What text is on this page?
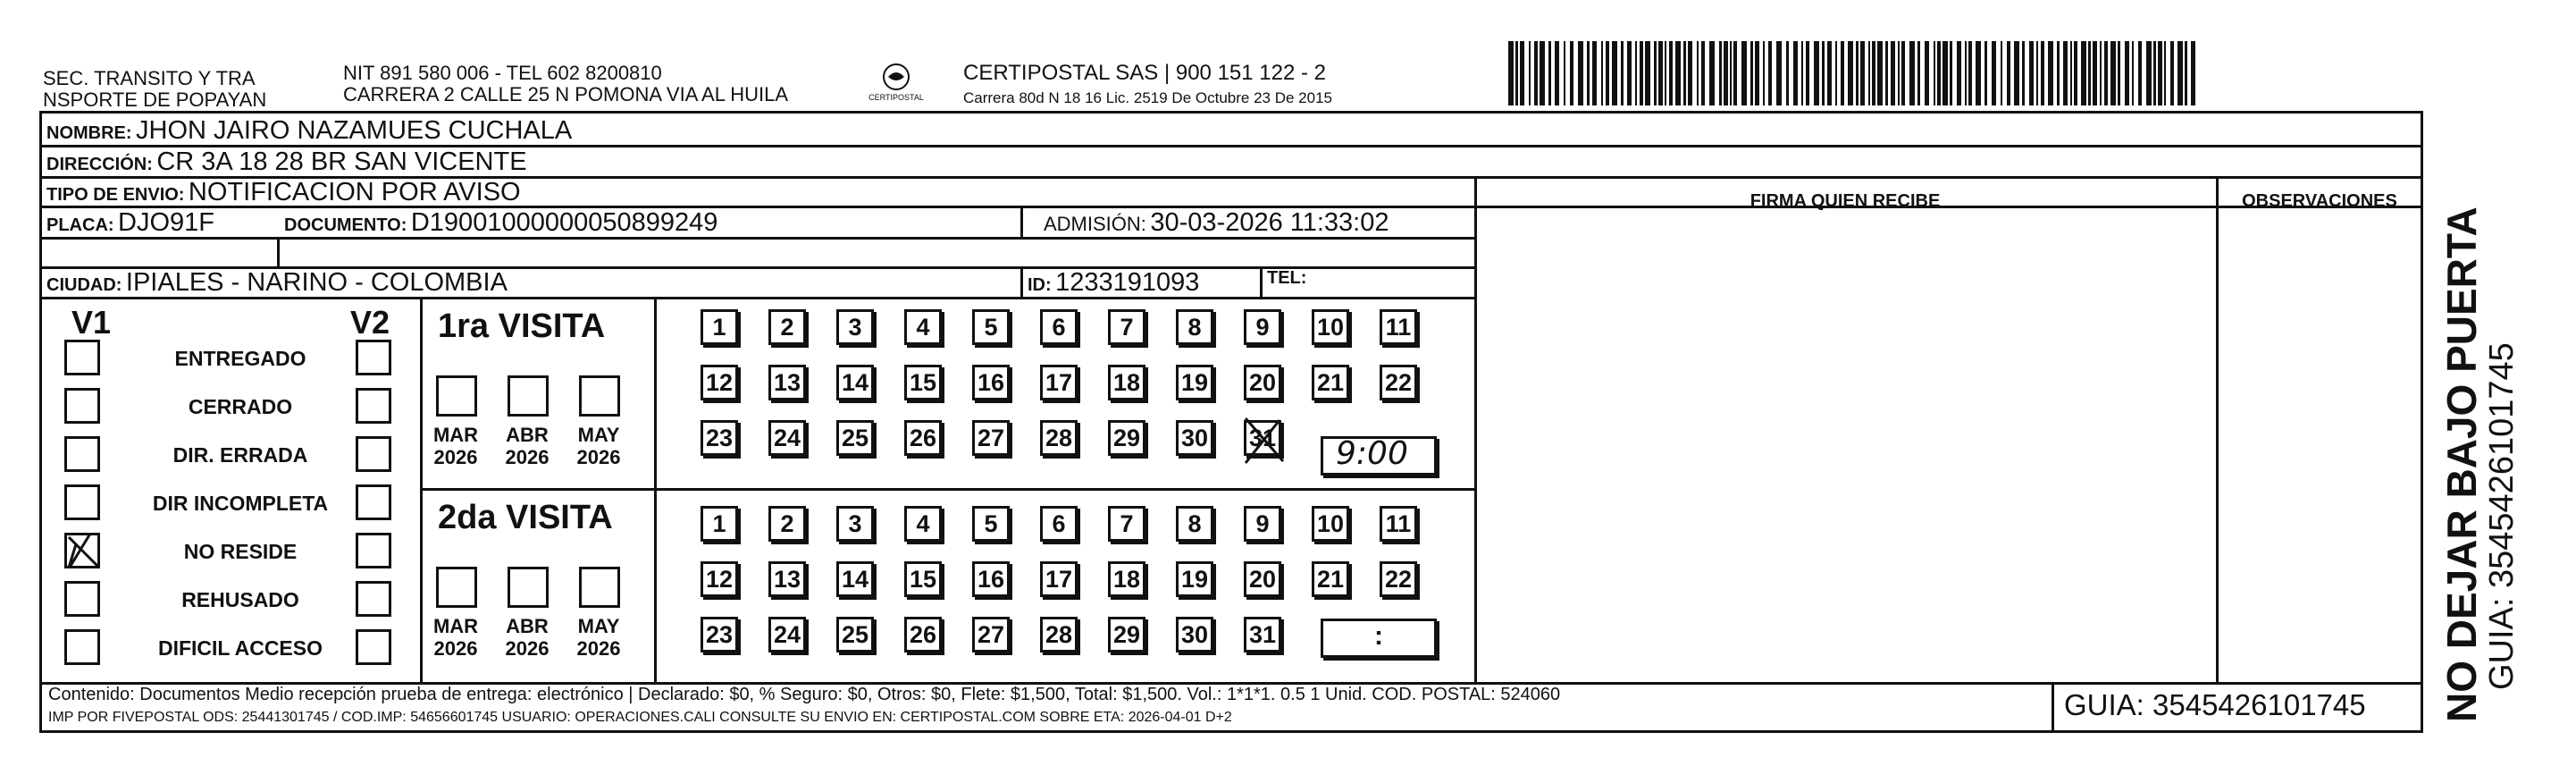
SEC. TRANSITO Y TRA
NSPORTE DE POPAYAN
NIT 891 580 006 - TEL 602 8200810
CARRERA 2 CALLE 25 N POMONA VIA AL HUILA	CERTIPOSTAL
CERTIPOSTAL SAS | 900 151 122 - 2
Carrera 80d N 18 16 Lic. 2519 De Octubre 23 De 2015
NOMBRE: JHON JAIRO NAZAMUES CUCHALA
DIRECCIÓN: CR 3A 18 28 BR SAN VICENTE
TIPO DE ENVIO: NOTIFICACION POR AVISO	FIRMA QUIEN RECIBE	OBSERVACIONES
PLACA: DJO91F	DOCUMENTO: D19001000000050899249	ADMISIÓN: 30-03-2026 11:33:02
CIUDAD: IPIALES - NARINO - COLOMBIA	ID: 1233191093	TEL:
V1	V2
ENTREGADO
CERRADO
DIR. ERRADA
DIR INCOMPLETA
NO RESIDE
REHUSADO
DIFICIL ACCESO
1ra VISITA
2da VISITA
MAR
2026
ABR
2026
MAY
2026
MAR
2026
ABR
2026
MAY
2026
1	2	3	4	5	6	7	8	9	10 11
12 13 14 15 16 17 18 19 20 21 22
23 24 25 26 27 28 29 30 31
1	2	3	4	5	6	7	8	9	10 11
12 13 14 15 16 17 18 19 20 21 22
23 24 25 26 27 28 29 30 31
9:00
:
Contenido: Documentos Medio recepción prueba de entrega: electrónico | Declarado: $0, % Seguro: $0, Otros: $0, Flete: $1,500, Total: $1,500. Vol.: 1*1*1. 0.5 1 Unid. COD. POSTAL: 524060
IMP POR FIVEPOSTAL ODS: 25441301745 / COD.IMP: 54656601745 USUARIO: OPERACIONES.CALI CONSULTE SU ENVIO EN: CERTIPOSTAL.COM SOBRE ETA: 2026-04-01 D+2	GUIA: 3545426101745 NO DEJAR BAJO PUERTA
GUIA: 3545426101745
